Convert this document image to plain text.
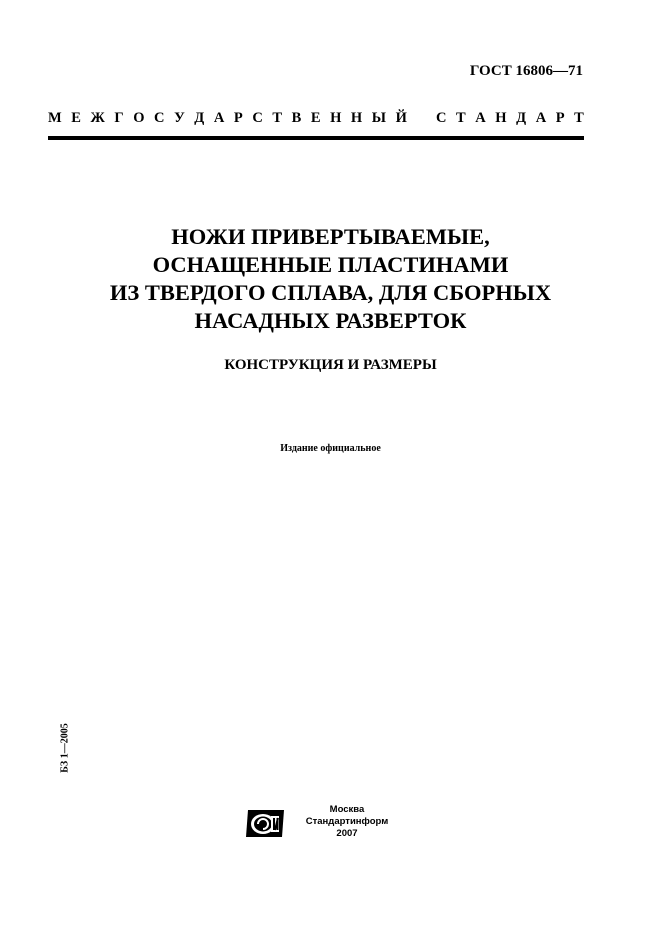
ГОСТ 16806—71
М Е Ж Г О С У Д А Р С Т В Е Н Н Ы Й С Т А Н Д А Р Т
НОЖИ ПРИВЕРТЫВАЕМЫЕ,
ОСНАЩЕННЫЕ ПЛАСТИНАМИ
ИЗ ТВЕРДОГО СПЛАВА, ДЛЯ СБОРНЫХ
НАСАДНЫХ РАЗВЕРТОК
КОНСТРУКЦИЯ И РАЗМЕРЫ
Издание официальное
БЗ 1—2005
Москва
Стандартинформ
2007
